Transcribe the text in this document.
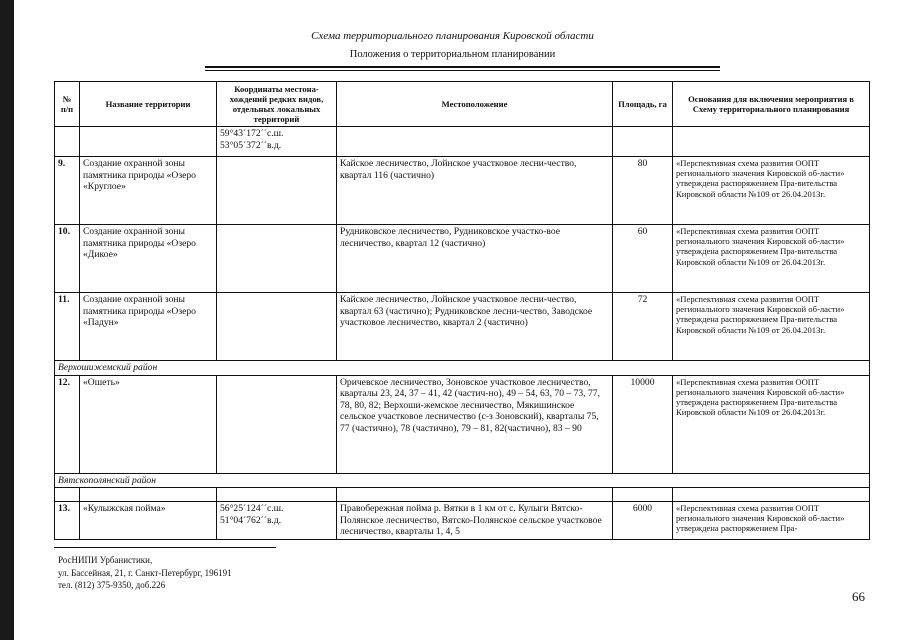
Схема территориального планирования Кировской области
Положения о территориальном планировании
№ п/п	Название территории	Координаты местона-хождений редких видов, отдельных локальных территорий	Местоположение	Площадь, га	Основания для включения мероприятия в Схему территориального планирования
		59°43´172´´с.ш.
53°05´372´´в.д.			
9.	Создание охранной зоны памятника природы «Озеро «Круглое»		Кайское лесничество, Лойнское участковое лесни-чество, квартал 116 (частично)	80	«Перспективная схема развития ООПТ регионального значения Кировской об-ласти» утверждена распоряжением Пра-вительства Кировской области №109 от 26.04.2013г.
10.	Создание охранной зоны памятника природы «Озеро «Дикое»		Рудниковское лесничество, Рудниковское участко-вое лесничество, квартал 12 (частично)	60	«Перспективная схема развития ООПТ регионального значения Кировской об-ласти» утверждена распоряжением Пра-вительства Кировской области №109 от 26.04.2013г.
11.	Создание охранной зоны памятника природы «Озеро «Падун»		Кайское лесничество, Лойнское участковое лесни-чество, квартал 63 (частично); Рудниковское лесни-чество, Заводское участковое лесничество, квартал 2 (частично)	72	«Перспективная схема развития ООПТ регионального значения Кировской об-ласти» утверждена распоряжением Пра-вительства Кировской области №109 от 26.04.2013г.
Верхошижемский район					
12.	«Ошеть»		Оричевское лесничество, Зоновское участковое лесничество, кварталы 23, 24, 37 – 41, 42 (частич-но), 49 – 54, 63, 70 – 73, 77, 78, 80, 82; Верхоши-жемское лесничество, Мякишинское сельское участковое лесничество (с-з Зоновский), кварталы 75, 77 (частично), 78 (частично), 79 – 81, 82(частично), 83 – 90	10000	«Перспективная схема развития ООПТ регионального значения Кировской об-ласти» утверждена распоряжением Пра-вительства Кировской области №109 от 26.04.2013г.
Вятскополянский район					

13.	«Кулыжская пойма»	56°25´124´´с.ш.
51°04´762´´в.д.	Правобережная пойма р. Вятки в 1 км от с. Кулыги Вятско-Полянское лесничество, Вятско-Полянское сельское участковое лесничество, кварталы 1, 4, 5	6000	«Перспективная схема развития ООПТ регионального значения Кировской об-ласти» утверждена распоряжением Пра-
РосНИПИ Урбанистики,
ул. Бассейная, 21, г. Санкт-Петербург, 196191
тел. (812) 375-9350, доб.226
66
